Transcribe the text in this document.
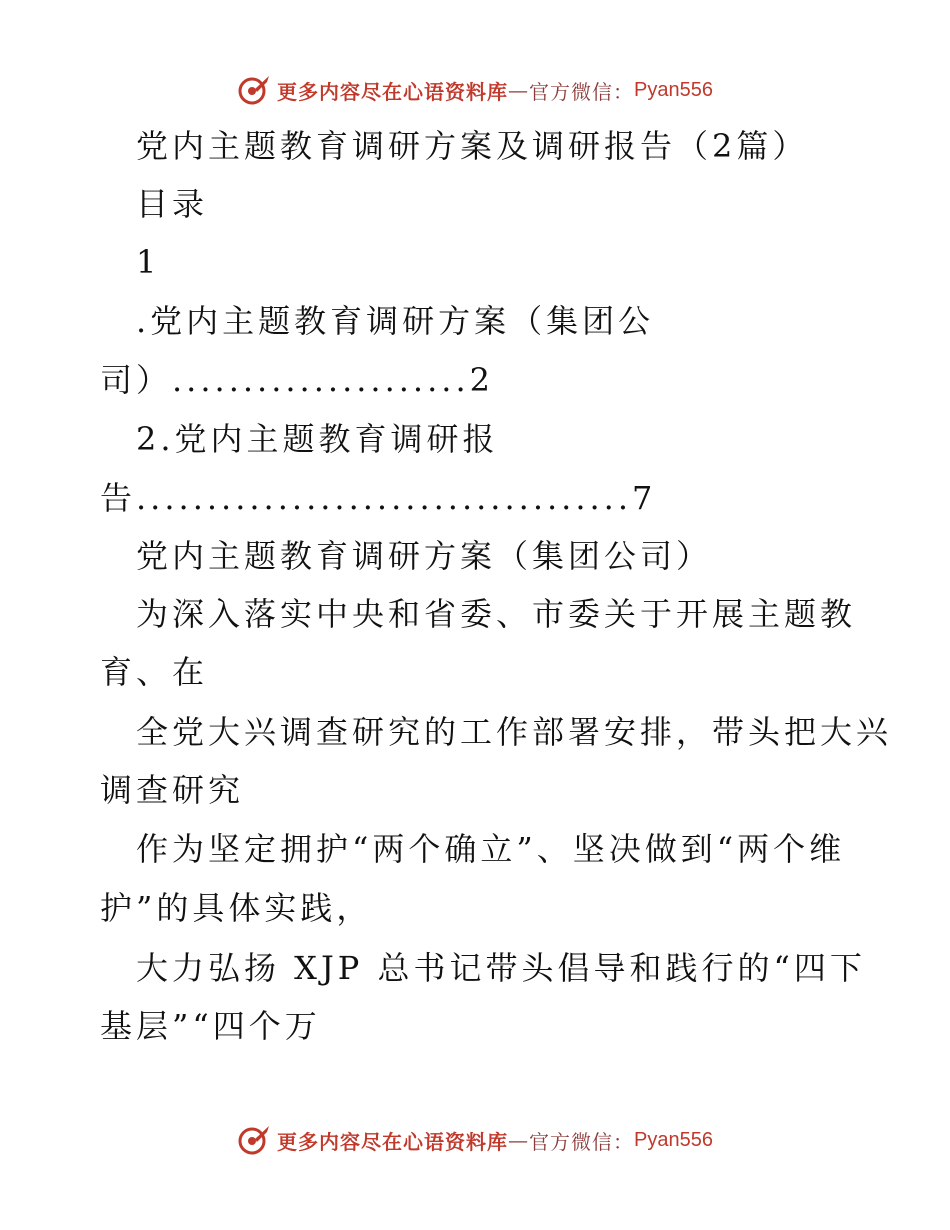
更多内容尽在心语资料库 — 官方微信： Pyan556
党内主题教育调研方案及调研报告（2篇）
目录
1
.党内主题教育调研方案（集团公
司）.....................2
2.党内主题教育调研报
告...................................7
党内主题教育调研方案（集团公司）
为深入落实中央和省委、市委关于开展主题教
育、在
全党大兴调查研究的工作部署安排，带头把大兴
调查研究
作为坚定拥护“两个确立”、坚决做到“两个维
护”的具体实践，
大力弘扬 XJP 总书记带头倡导和践行的“四下
基层”“四个万
更多内容尽在心语资料库 — 官方微信： Pyan556
